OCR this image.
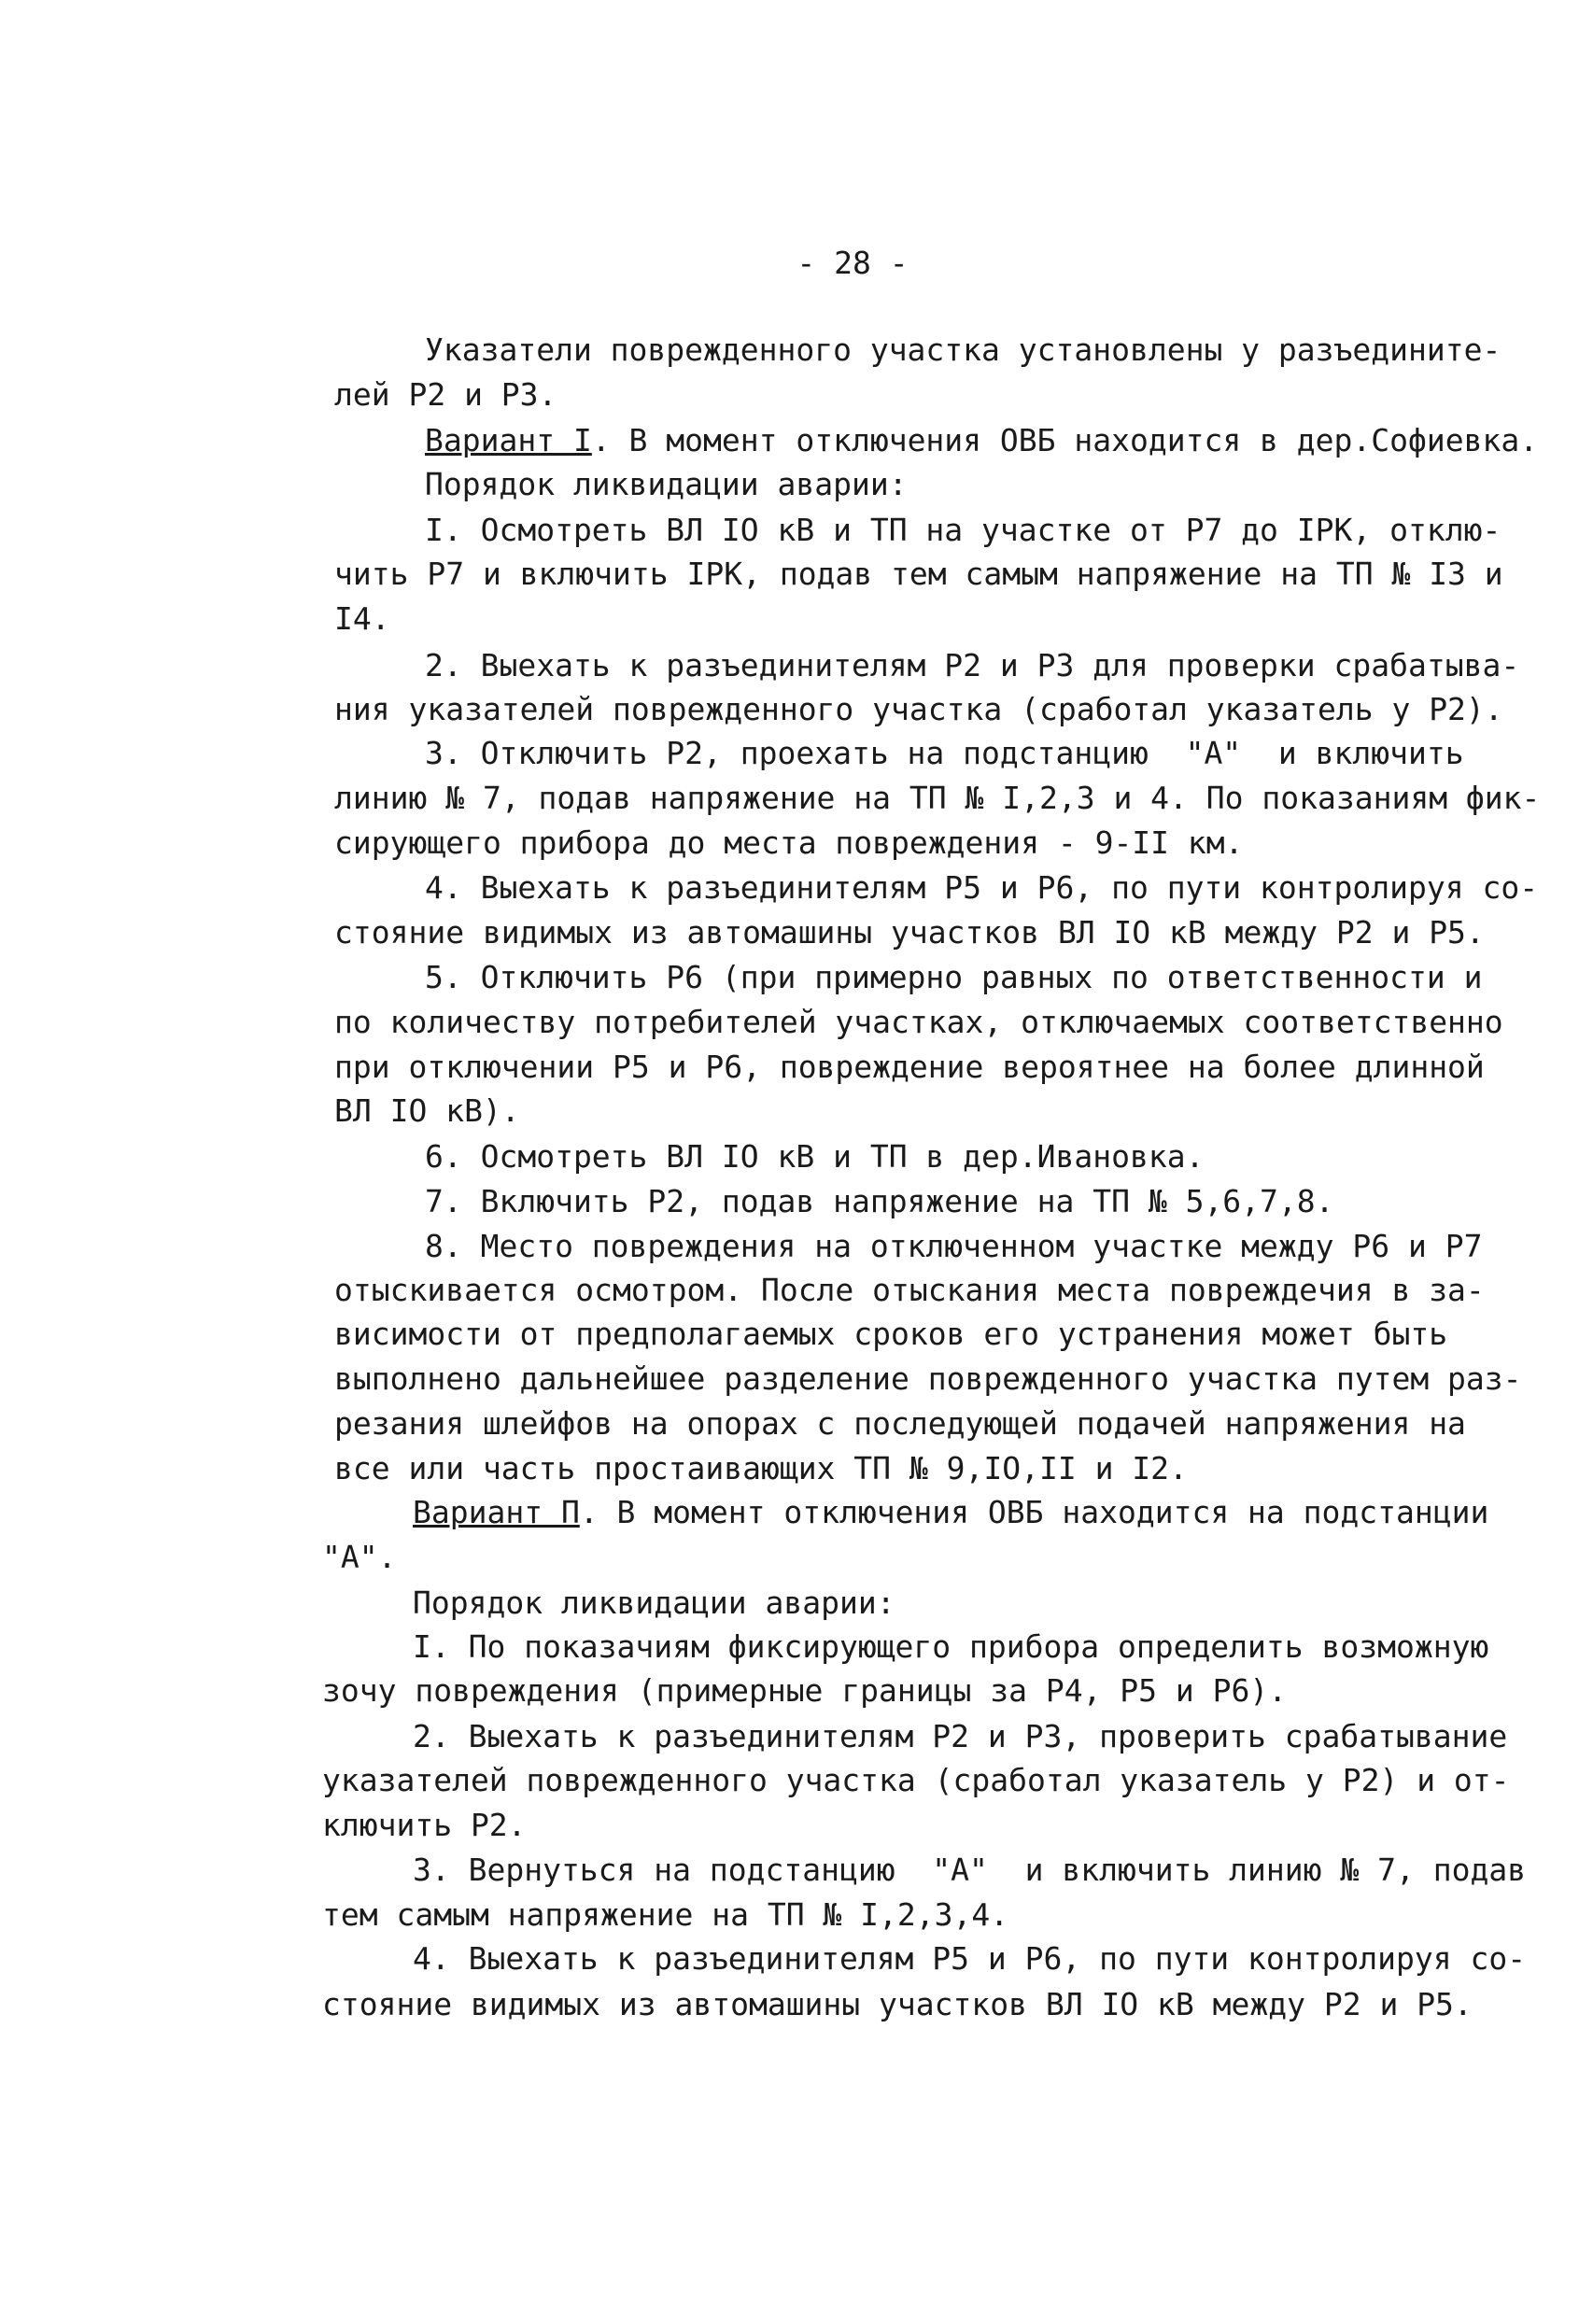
- 28 -
Указатели поврежденного участка установлены у разъедините-
лей Р2 и Р3.
Вариант I. В момент отключения ОВБ находится в дер.Софиевка.
Порядок ликвидации аварии:
I. Осмотреть ВЛ IO кВ и ТП на участке от Р7 до IРК, отклю-
чить Р7 и включить IРК, подав тем самым напряжение на ТП № I3 и
I4.
2. Выехать к разъединителям Р2 и Р3 для проверки срабатыва-
ния указателей поврежденного участка (сработал указатель у Р2).
3. Отключить Р2, проехать на подстанцию  "А"  и включить
линию № 7, подав напряжение на ТП № I,2,3 и 4. По показаниям фик-
сирующего прибора до места повреждения - 9-II км.
4. Выехать к разъединителям Р5 и Р6, по пути контролируя со-
стояние видимых из автомашины участков ВЛ IO кВ между Р2 и Р5.
5. Отключить Р6 (при примерно равных по ответственности и
по количеству потребителей участках, отключаемых соответственно
при отключении Р5 и Р6, повреждение вероятнее на более длинной
ВЛ IO кВ).
6. Осмотреть ВЛ IO кВ и ТП в дер.Ивановка.
7. Включить Р2, подав напряжение на ТП № 5,6,7,8.
8. Место повреждения на отключенном участке между Р6 и Р7
отыскивается осмотром. После отыскания места повреждечия в за-
висимости от предполагаемых сроков его устранения может быть
выполнено дальнейшее разделение поврежденного участка путем раз-
резания шлейфов на опорах с последующей подачей напряжения на
все или часть простаивающих ТП № 9,IO,II и I2.
Вариант П. В момент отключения ОВБ находится на подстанции
"А".
Порядок ликвидации аварии:
I. По показачиям фиксирующего прибора определить возможную
зочу повреждения (примерные границы за Р4, Р5 и Р6).
2. Выехать к разъединителям Р2 и Р3, проверить срабатывание
указателей поврежденного участка (сработал указатель у Р2) и от-
ключить Р2.
3. Вернуться на подстанцию  "А"  и включить линию № 7, подав
тем самым напряжение на ТП № I,2,3,4.
4. Выехать к разъединителям Р5 и Р6, по пути контролируя со-
стояние видимых из автомашины участков ВЛ IO кВ между Р2 и Р5.
